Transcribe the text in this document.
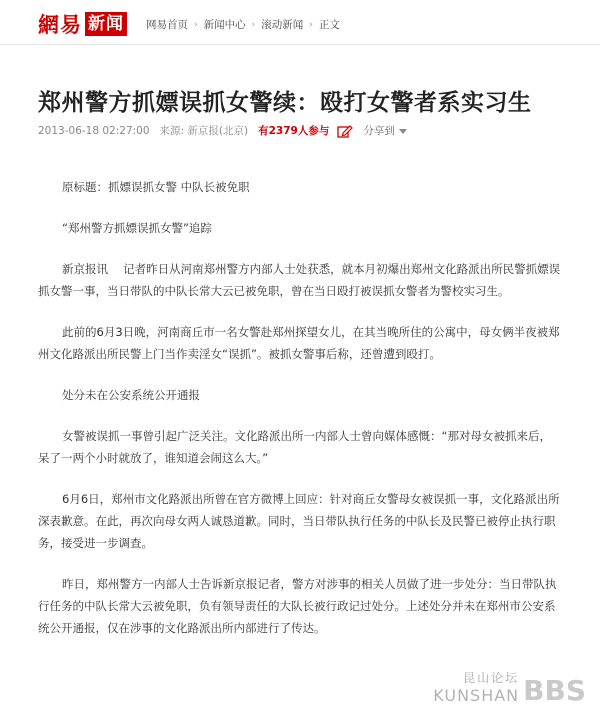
網易 新闻 网易首页 › 新闻中心 › 滚动新闻 › 正文
郑州警方抓嫖误抓女警续：殴打女警者系实习生
2013-06-18 02:27:00 来源: 新京报(北京) 有2379人参与	分享到

原标题：抓嫖误抓女警 中队长被免职

“郑州警方抓嫖误抓女警”追踪

新京报讯　 记者昨日从河南郑州警方内部人士处获悉，就本月初爆出郑州文化路派出所民警抓嫖误抓女警一事，当日带队的中队长常大云已被免职，曾在当日殴打被误抓女警者为警校实习生。

此前的6月3日晚，河南商丘市一名女警赴郑州探望女儿，在其当晚所住的公寓中，母女俩半夜被郑州文化路派出所民警上门当作卖淫女“误抓”。被抓女警事后称，还曾遭到殴打。

处分未在公安系统公开通报

女警被误抓一事曾引起广泛关注。文化路派出所一内部人士曾向媒体感慨：“那对母女被抓来后，呆了一两个小时就放了，谁知道会闹这么大。”

6月6日，郑州市文化路派出所曾在官方微博上回应：针对商丘女警母女被误抓一事，文化路派出所深表歉意。在此，再次向母女两人诚恳道歉。同时，当日带队执行任务的中队长及民警已被停止执行职务，接受进一步调查。

昨日，郑州警方一内部人士告诉新京报记者，警方对涉事的相关人员做了进一步处分：当日带队执行任务的中队长常大云被免职，负有领导责任的大队长被行政记过处分。上述处分并未在郑州市公安系统公开通报，仅在涉事的文化路派出所内部进行了传达。

昆山论坛
KUNSHAN BBS
